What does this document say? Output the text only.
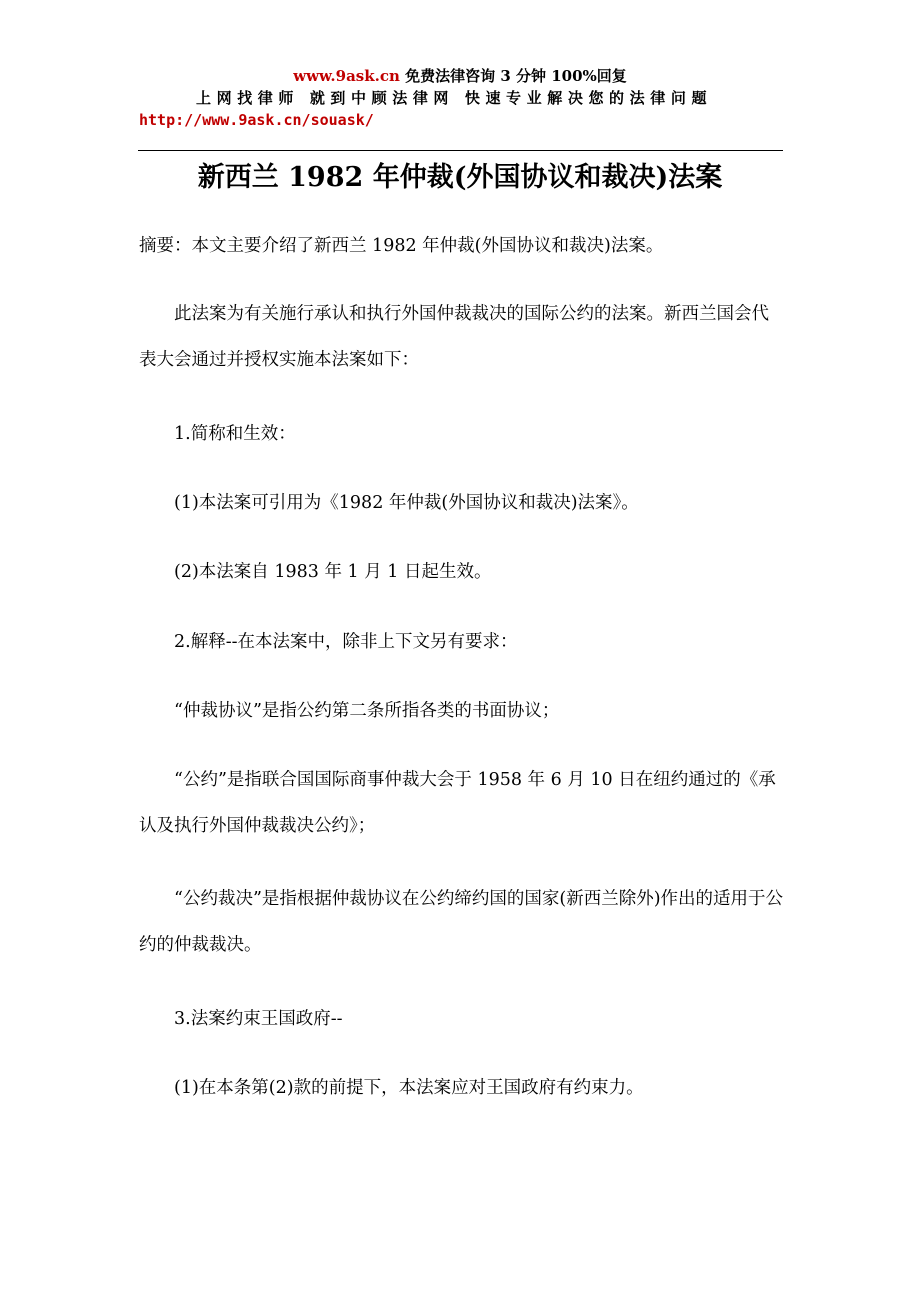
www.9ask.cn 免费法律咨询 3 分钟 100%回复
上网找律师 就到中顾法律网 快速专业解决您的法律问题
http://www.9ask.cn/souask/
新西兰 1982 年仲裁(外国协议和裁决)法案

摘要：本文主要介绍了新西兰 1982 年仲裁(外国协议和裁决)法案。

此法案为有关施行承认和执行外国仲裁裁决的国际公约的法案。新西兰国会代表大会通过并授权实施本法案如下：

1.简称和生效：

(1)本法案可引用为《1982 年仲裁(外国协议和裁决)法案》。

(2)本法案自 1983 年 1 月 1 日起生效。

2.解释--在本法案中，除非上下文另有要求：

“仲裁协议”是指公约第二条所指各类的书面协议；

“公约”是指联合国国际商事仲裁大会于 1958 年 6 月 10 日在纽约通过的《承认及执行外国仲裁裁决公约》；

“公约裁决”是指根据仲裁协议在公约缔约国的国家(新西兰除外)作出的适用于公约的仲裁裁决。

3.法案约束王国政府--

(1)在本条第(2)款的前提下，本法案应对王国政府有约束力。
